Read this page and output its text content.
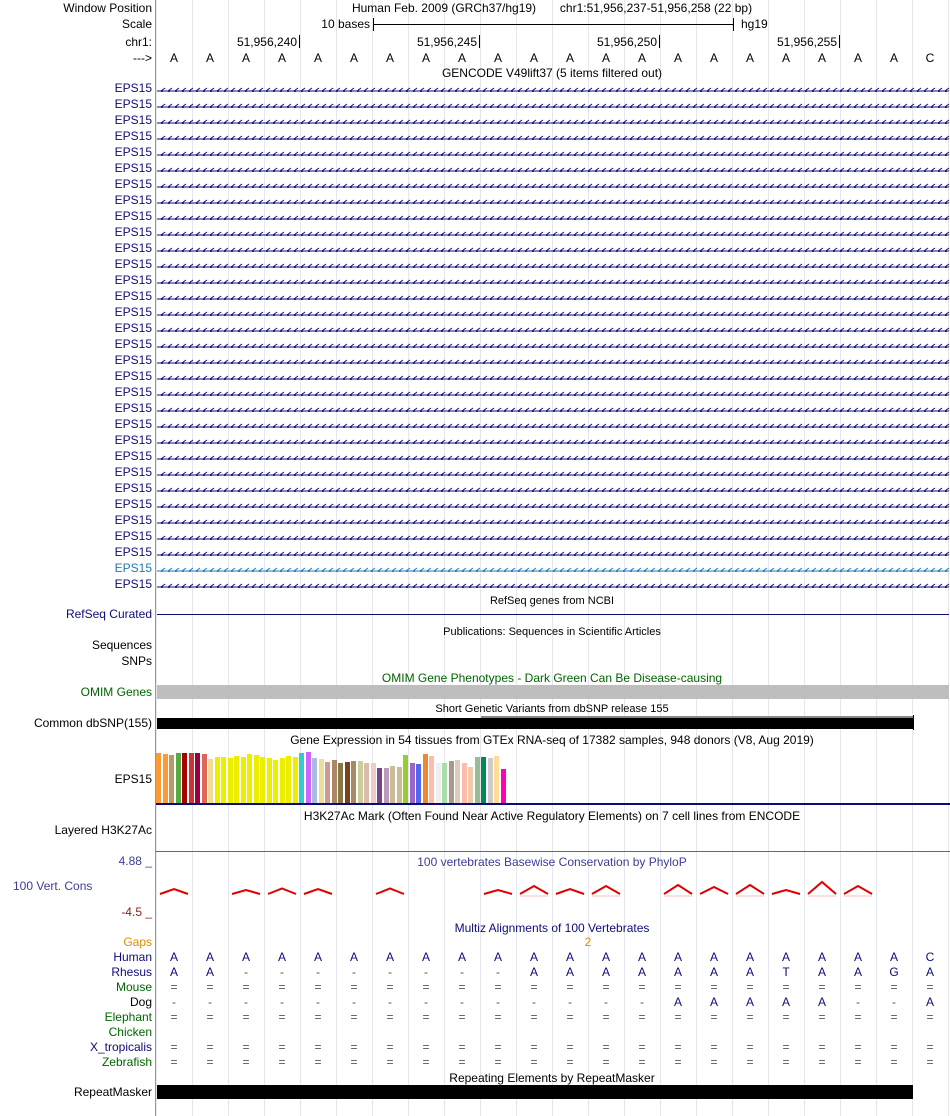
Window Position	Human Feb. 2009 (GRCh37/hg19) chr1:51,956,237-51,956,258 (22 bp)
Scale	10 bases	hg19
chr1:	51,956,240	51,956,245	51,956,250	51,956,255
---> A A A A A A A A A A A A A A A A A A A A A C
GENCODE V49lift37 (5 items filtered out)
EPS15
EPS15
EPS15
EPS15
EPS15
EPS15
EPS15
EPS15
EPS15
EPS15
EPS15
EPS15
EPS15
EPS15
EPS15
EPS15
EPS15
EPS15
EPS15
EPS15
EPS15
EPS15
EPS15
EPS15
EPS15
EPS15
EPS15
EPS15
EPS15
EPS15
EPS15
EPS15
RefSeq genes from NCBI
RefSeq Curated
Publications: Sequences in Scientific Articles
Sequences
SNPs
OMIM Gene Phenotypes - Dark Green Can Be Disease-causing
OMIM Genes
Short Genetic Variants from dbSNP release 155
Common dbSNP(155)
Gene Expression in 54 tissues from GTEx RNA-seq of 17382 samples, 948 donors (V8, Aug 2019)
EPS15
H3K27Ac Mark (Often Found Near Active Regulatory Elements) on 7 cell lines from ENCODE
Layered H3K27Ac
100 vertebrates Basewise Conservation by PhyloP
4.88 _
100 Vert. Cons
-4.5 _
Multiz Alignments of 100 Vertebrates
Gaps	2
Human A A A A A A A A A A A A A A A A A A A A A C
Rhesus A A -	-	-	-	-	-	-	- A A A A A A A T A A G A
Mouse = = = = = = = = = = = = = = = = = = = = = =
Dog -	-	-	-	-	-	-	-	-	-	-	-	-	- A A A A A -	- A
Elephant = = = = = = = = = = = = = = = = = = = = = =
Chicken
X_tropicalis = = = = = = = = = = = = = = = = = = = = = =
Zebrafish = = = = = = = = = = = = = = = = = = = = = =
Repeating Elements by RepeatMasker
RepeatMasker
